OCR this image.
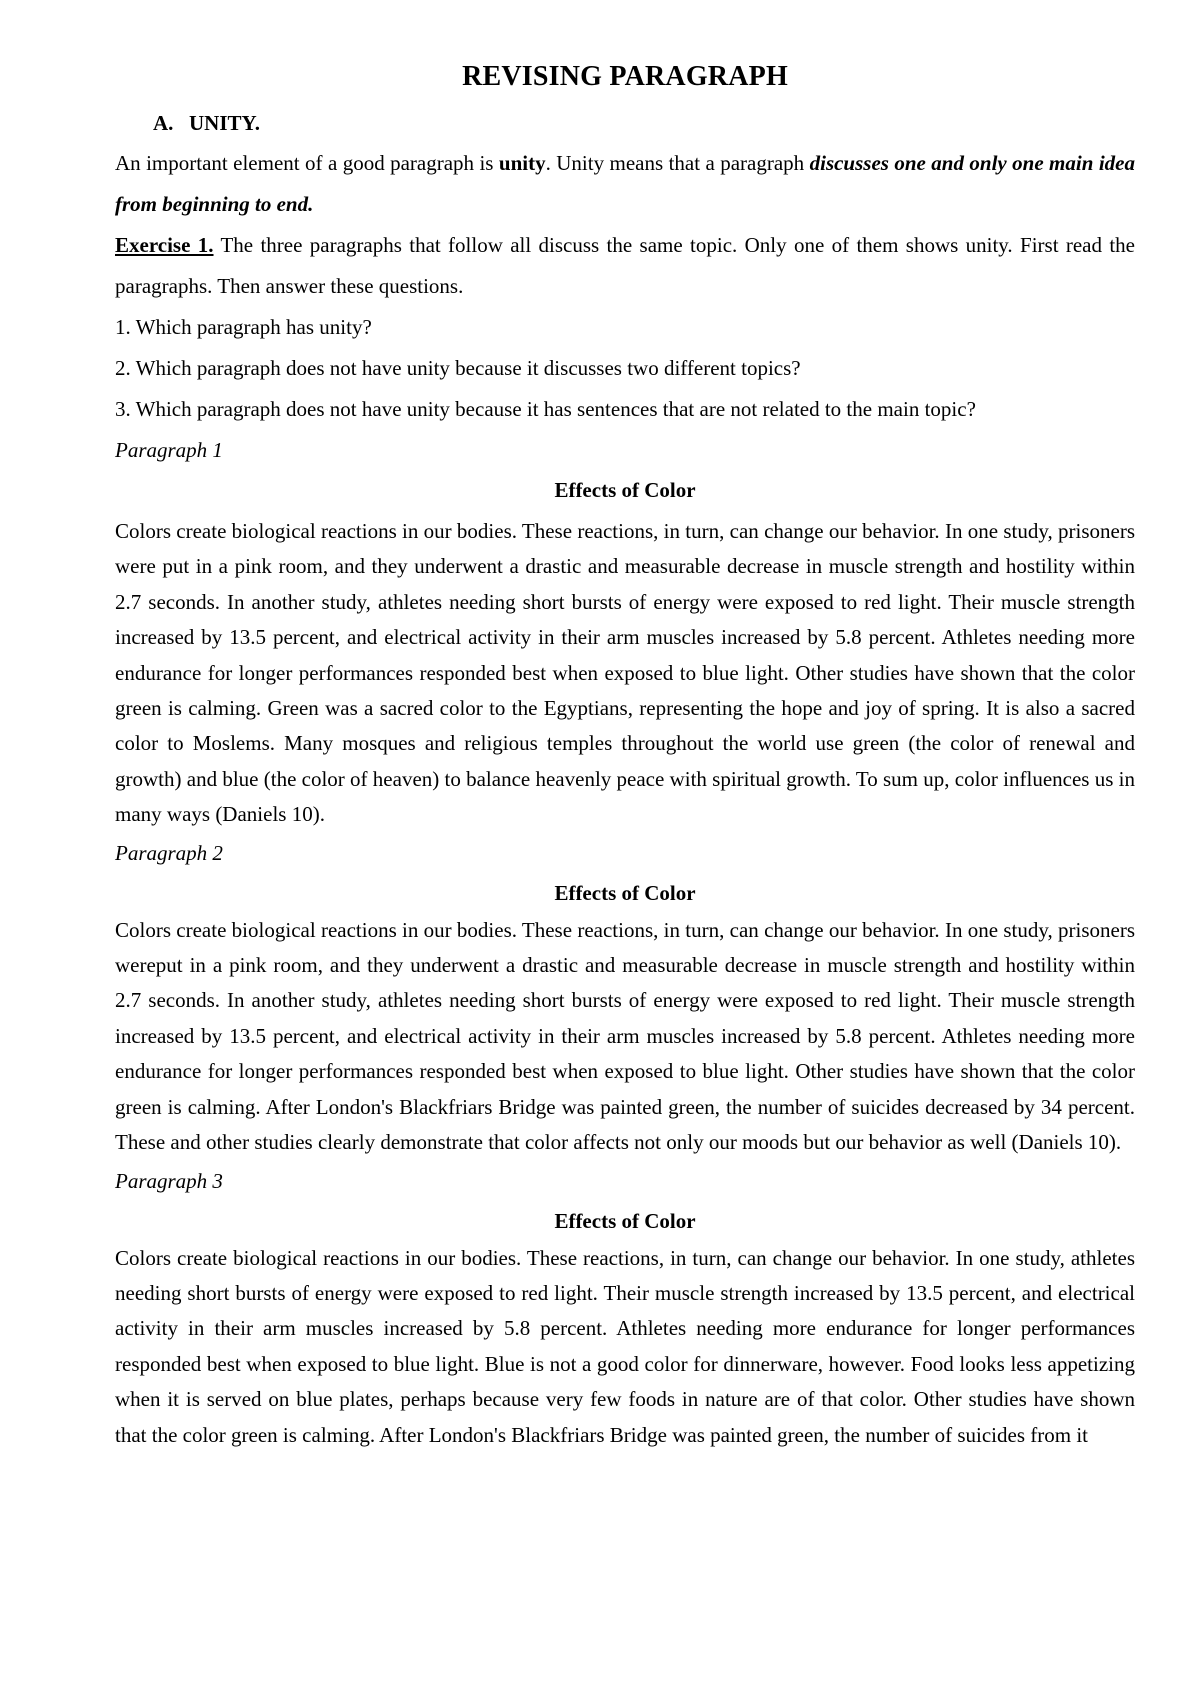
REVISING PARAGRAPH

A. UNITY.

An important element of a good paragraph is unity. Unity means that a paragraph discusses one and only one main idea from beginning to end.

Exercise 1. The three paragraphs that follow all discuss the same topic. Only one of them shows unity. First read the paragraphs. Then answer these questions.

1. Which paragraph has unity?

2. Which paragraph does not have unity because it discusses two different topics?

3. Which paragraph does not have unity because it has sentences that are not related to the main topic?

Paragraph 1

Effects of Color

Colors create biological reactions in our bodies. These reactions, in turn, can change our behavior. In one study, prisoners were put in a pink room, and they underwent a drastic and measurable decrease in muscle strength and hostility within 2.7 seconds. In another study, athletes needing short bursts of energy were exposed to red light. Their muscle strength increased by 13.5 percent, and electrical activity in their arm muscles increased by 5.8 percent. Athletes needing more endurance for longer performances responded best when exposed to blue light. Other studies have shown that the color green is calming. Green was a sacred color to the Egyptians, representing the hope and joy of spring. It is also a sacred color to Moslems. Many mosques and religious temples throughout the world use green (the color of renewal and growth) and blue (the color of heaven) to balance heavenly peace with spiritual growth. To sum up, color influences us in many ways (Daniels 10).

Paragraph 2

Effects of Color

Colors create biological reactions in our bodies. These reactions, in turn, can change our behavior. In one study, prisoners wereput in a pink room, and they underwent a drastic and measurable decrease in muscle strength and hostility within 2.7 seconds. In another study, athletes needing short bursts of energy were exposed to red light. Their muscle strength increased by 13.5 percent, and electrical activity in their arm muscles increased by 5.8 percent. Athletes needing more endurance for longer performances responded best when exposed to blue light. Other studies have shown that the color green is calming. After London's Blackfriars Bridge was painted green, the number of suicides decreased by 34 percent. These and other studies clearly demonstrate that color affects not only our moods but our behavior as well (Daniels 10).

Paragraph 3

Effects of Color

Colors create biological reactions in our bodies. These reactions, in turn, can change our behavior. In one study, athletes needing short bursts of energy were exposed to red light. Their muscle strength increased by 13.5 percent, and electrical activity in their arm muscles increased by 5.8 percent. Athletes needing more endurance for longer performances responded best when exposed to blue light. Blue is not a good color for dinnerware, however. Food looks less appetizing when it is served on blue plates, perhaps because very few foods in nature are of that color. Other studies have shown that the color green is calming. After London's Blackfriars Bridge was painted green, the number of suicides from it
